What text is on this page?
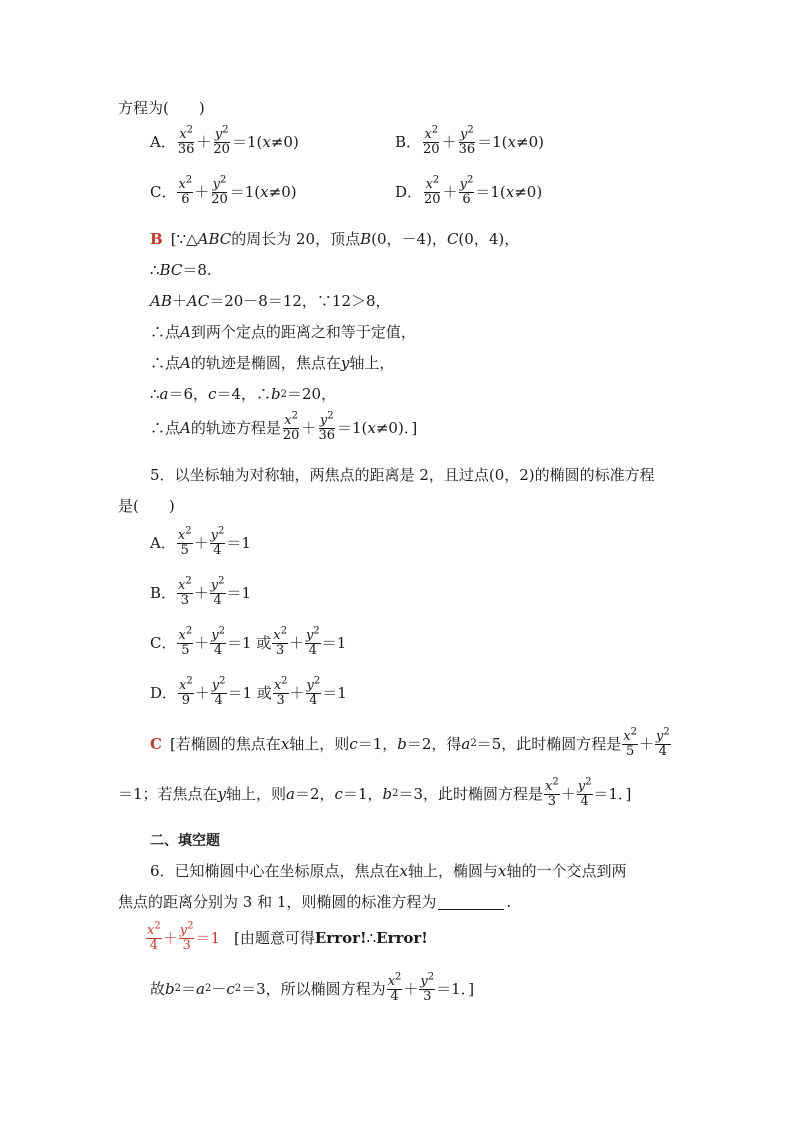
方程为(　　)
A． $\frac{x^2}{36} + \frac{y^2}{20} =1$( x ≠0)	B． $\frac{x^2}{20} + \frac{y^2}{36} =1$( x ≠0)
C． $\frac{x^2}{6} + \frac{y^2}{20} =1$( x ≠0)	D． $\frac{x^2}{20} + \frac{y^2}{6} =1$( x ≠0)
B [∵△ ABC 的周长为 20，顶点 B (0，－4)， C (0，4)，
∴ BC ＝8.
AB ＋ AC ＝20－8＝12，∵12＞8，
∴点 A 到两个定点的距离之和等于定值，
∴点 A 的轨迹是椭圆，焦点在 y 轴上，
∴ a ＝6， c ＝4，∴ b 2 ＝20，
∴点 A 的轨迹方程是 $\frac{x^2}{20} + \frac{y^2}{36} =1$( x ≠0)．]
5．以坐标轴为对称轴，两焦点的距离是 2，且过点(0，2)的椭圆的标准方程
是(　　)
A． $\frac{x^2}{5} + \frac{y^2}{4} =1$
B． $\frac{x^2}{3} + \frac{y^2}{4} =1$
C． $\frac{x^2}{5} + \frac{y^2}{4} =1$ 或 $\frac{x^2}{3} + \frac{y^2}{4} =1$
D． $\frac{x^2}{9} + \frac{y^2}{4} =1$ 或 $\frac{x^2}{3} + \frac{y^2}{4} =1$
C [若椭圆的焦点在 x 轴上，则 c ＝1， b ＝2，得 a 2 ＝5，此时椭圆方程是 $\frac{x^2}{5} + \frac{y^2}{4}$
＝1；若焦点在 y 轴上，则 a ＝2， c ＝1， b 2 ＝3，此时椭圆方程是 $\frac{x^2}{3} + \frac{y^2}{4} =1$．]
二、填空题
6．已知椭圆中心在坐标原点，焦点在 x 轴上，椭圆与 x 轴的一个交点到两
焦点的距离分别为 3 和 1，则椭圆的标准方程为	.
$\frac{x^2}{4} + \frac{y^2}{3} =1$ [由题意可得 Error! ∴ Error!
故 b 2 ＝ a 2 － c 2 ＝3，所以椭圆方程为 $\frac{x^2}{4} + \frac{y^2}{3} =1$．]
